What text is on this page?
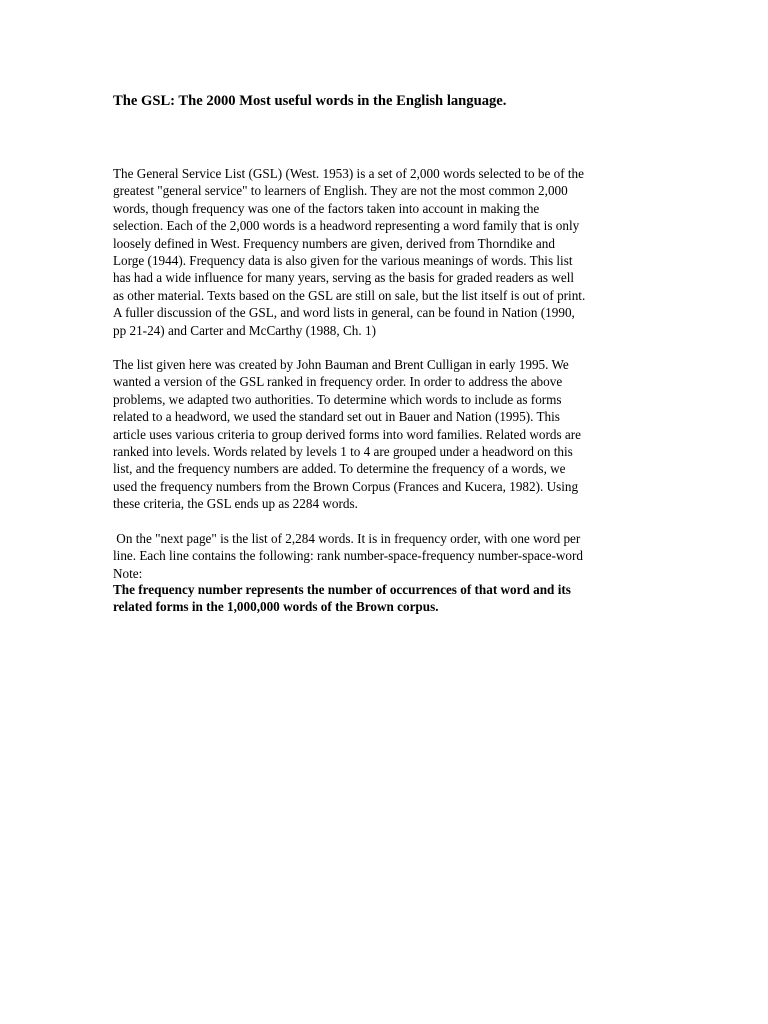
The GSL: The 2000 Most useful words in the English language.

The General Service List (GSL) (West. 1953) is a set of 2,000 words selected to be of the
greatest "general service" to learners of English. They are not the most common 2,000
words, though frequency was one of the factors taken into account in making the
selection. Each of the 2,000 words is a headword representing a word family that is only
loosely defined in West. Frequency numbers are given, derived from Thorndike and
Lorge (1944). Frequency data is also given for the various meanings of words. This list
has had a wide influence for many years, serving as the basis for graded readers as well
as other material. Texts based on the GSL are still on sale, but the list itself is out of print.
A fuller discussion of the GSL, and word lists in general, can be found in Nation (1990,
pp 21-24) and Carter and McCarthy (1988, Ch. 1)

The list given here was created by John Bauman and Brent Culligan in early 1995. We
wanted a version of the GSL ranked in frequency order. In order to address the above
problems, we adapted two authorities. To determine which words to include as forms
related to a headword, we used the standard set out in Bauer and Nation (1995). This
article uses various criteria to group derived forms into word families. Related words are
ranked into levels. Words related by levels 1 to 4 are grouped under a headword on this
list, and the frequency numbers are added. To determine the frequency of a words, we
used the frequency numbers from the Brown Corpus (Frances and Kucera, 1982). Using
these criteria, the GSL ends up as 2284 words.

On the "next page" is the list of 2,284 words. It is in frequency order, with one word per
line. Each line contains the following: rank number-space-frequency number-space-word
Note:

The frequency number represents the number of occurrences of that word and its
related forms in the 1,000,000 words of the Brown corpus.
